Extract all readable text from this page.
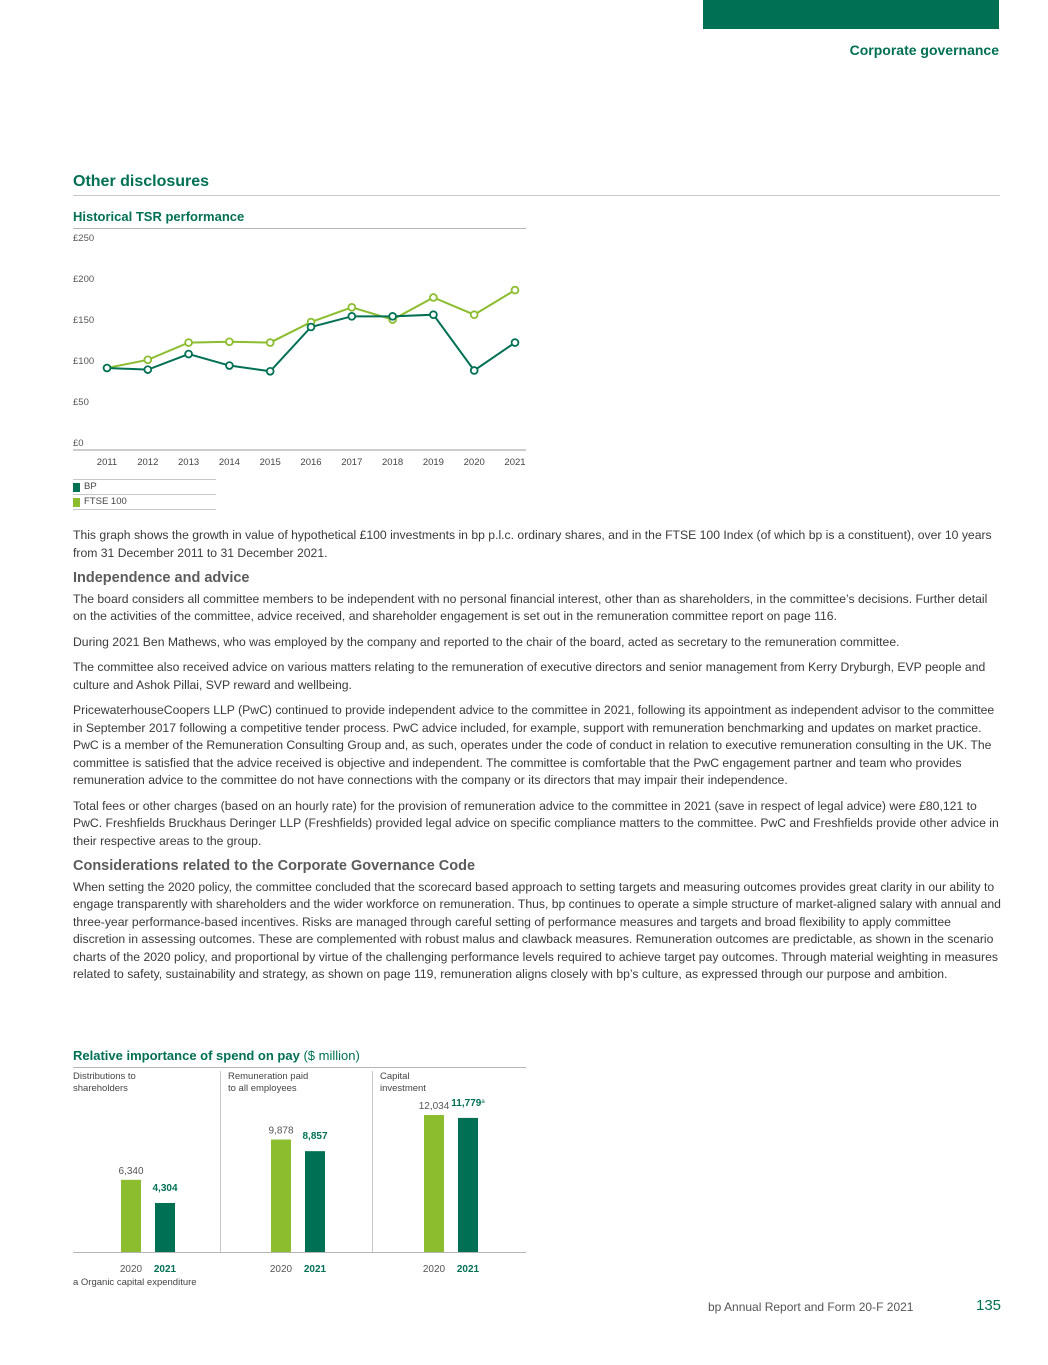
Corporate governance
Other disclosures
Historical TSR performance
£0
£50
£100
£150
£200
£250
2011 2012 2013 2014 2015 2016 2017 2018 2019 2020 2021
BP
FTSE 100

This graph shows the growth in value of hypothetical £100 investments in bp p.l.c. ordinary shares, and in the FTSE 100 Index (of which bp is a constituent), over 10 years from 31 December 2011 to 31 December 2021.

Independence and advice

The board considers all committee members to be independent with no personal financial interest, other than as shareholders, in the committee’s decisions. Further detail on the activities of the committee, advice received, and shareholder engagement is set out in the remuneration committee report on page 116.

During 2021 Ben Mathews, who was employed by the company and reported to the chair of the board, acted as secretary to the remuneration committee.

The committee also received advice on various matters relating to the remuneration of executive directors and senior management from Kerry Dryburgh, EVP people and culture and Ashok Pillai, SVP reward and wellbeing.

PricewaterhouseCoopers LLP (PwC) continued to provide independent advice to the committee in 2021, following its appointment as independent advisor to the committee in September 2017 following a competitive tender process. PwC advice included, for example, support with remuneration benchmarking and updates on market practice. PwC is a member of the Remuneration Consulting Group and, as such, operates under the code of conduct in relation to executive remuneration consulting in the UK. The committee is satisfied that the advice received is objective and independent. The committee is comfortable that the PwC engagement partner and team who provides remuneration advice to the committee do not have connections with the company or its directors that may impair their independence.

Total fees or other charges (based on an hourly rate) for the provision of remuneration advice to the committee in 2021 (save in respect of legal advice) were £80,121 to PwC. Freshfields Bruckhaus Deringer LLP (Freshfields) provided legal advice on specific compliance matters to the committee. PwC and Freshfields provide other advice in their respective areas to the group.

Considerations related to the Corporate Governance Code

When setting the 2020 policy, the committee concluded that the scorecard based approach to setting targets and measuring outcomes provides great clarity in our ability to engage transparently with shareholders and the wider workforce on remuneration. Thus, bp continues to operate a simple structure of market-aligned salary with annual and three-year performance-based incentives. Risks are managed through careful setting of performance measures and targets and broad flexibility to apply committee discretion in assessing outcomes. These are complemented with robust malus and clawback measures. Remuneration outcomes are predictable, as shown in the scenario charts of the 2020 policy, and proportional by virtue of the challenging performance levels required to achieve target pay outcomes. Through material weighting in measures related to safety, sustainability and strategy, as shown on page 119, remuneration aligns closely with bp’s culture, as expressed through our purpose and ambition.

Relative importance of spend on pay ($ million)
Distributions to
shareholders
Remuneration paid
to all employees
Capital
investment
6,340
2020
4,304
2021
9,878
2020
8,857
2021
12,034
2020
11,779$^a$
2021
a Organic capital expenditure
bp Annual Report and Form 20-F 2021	135
